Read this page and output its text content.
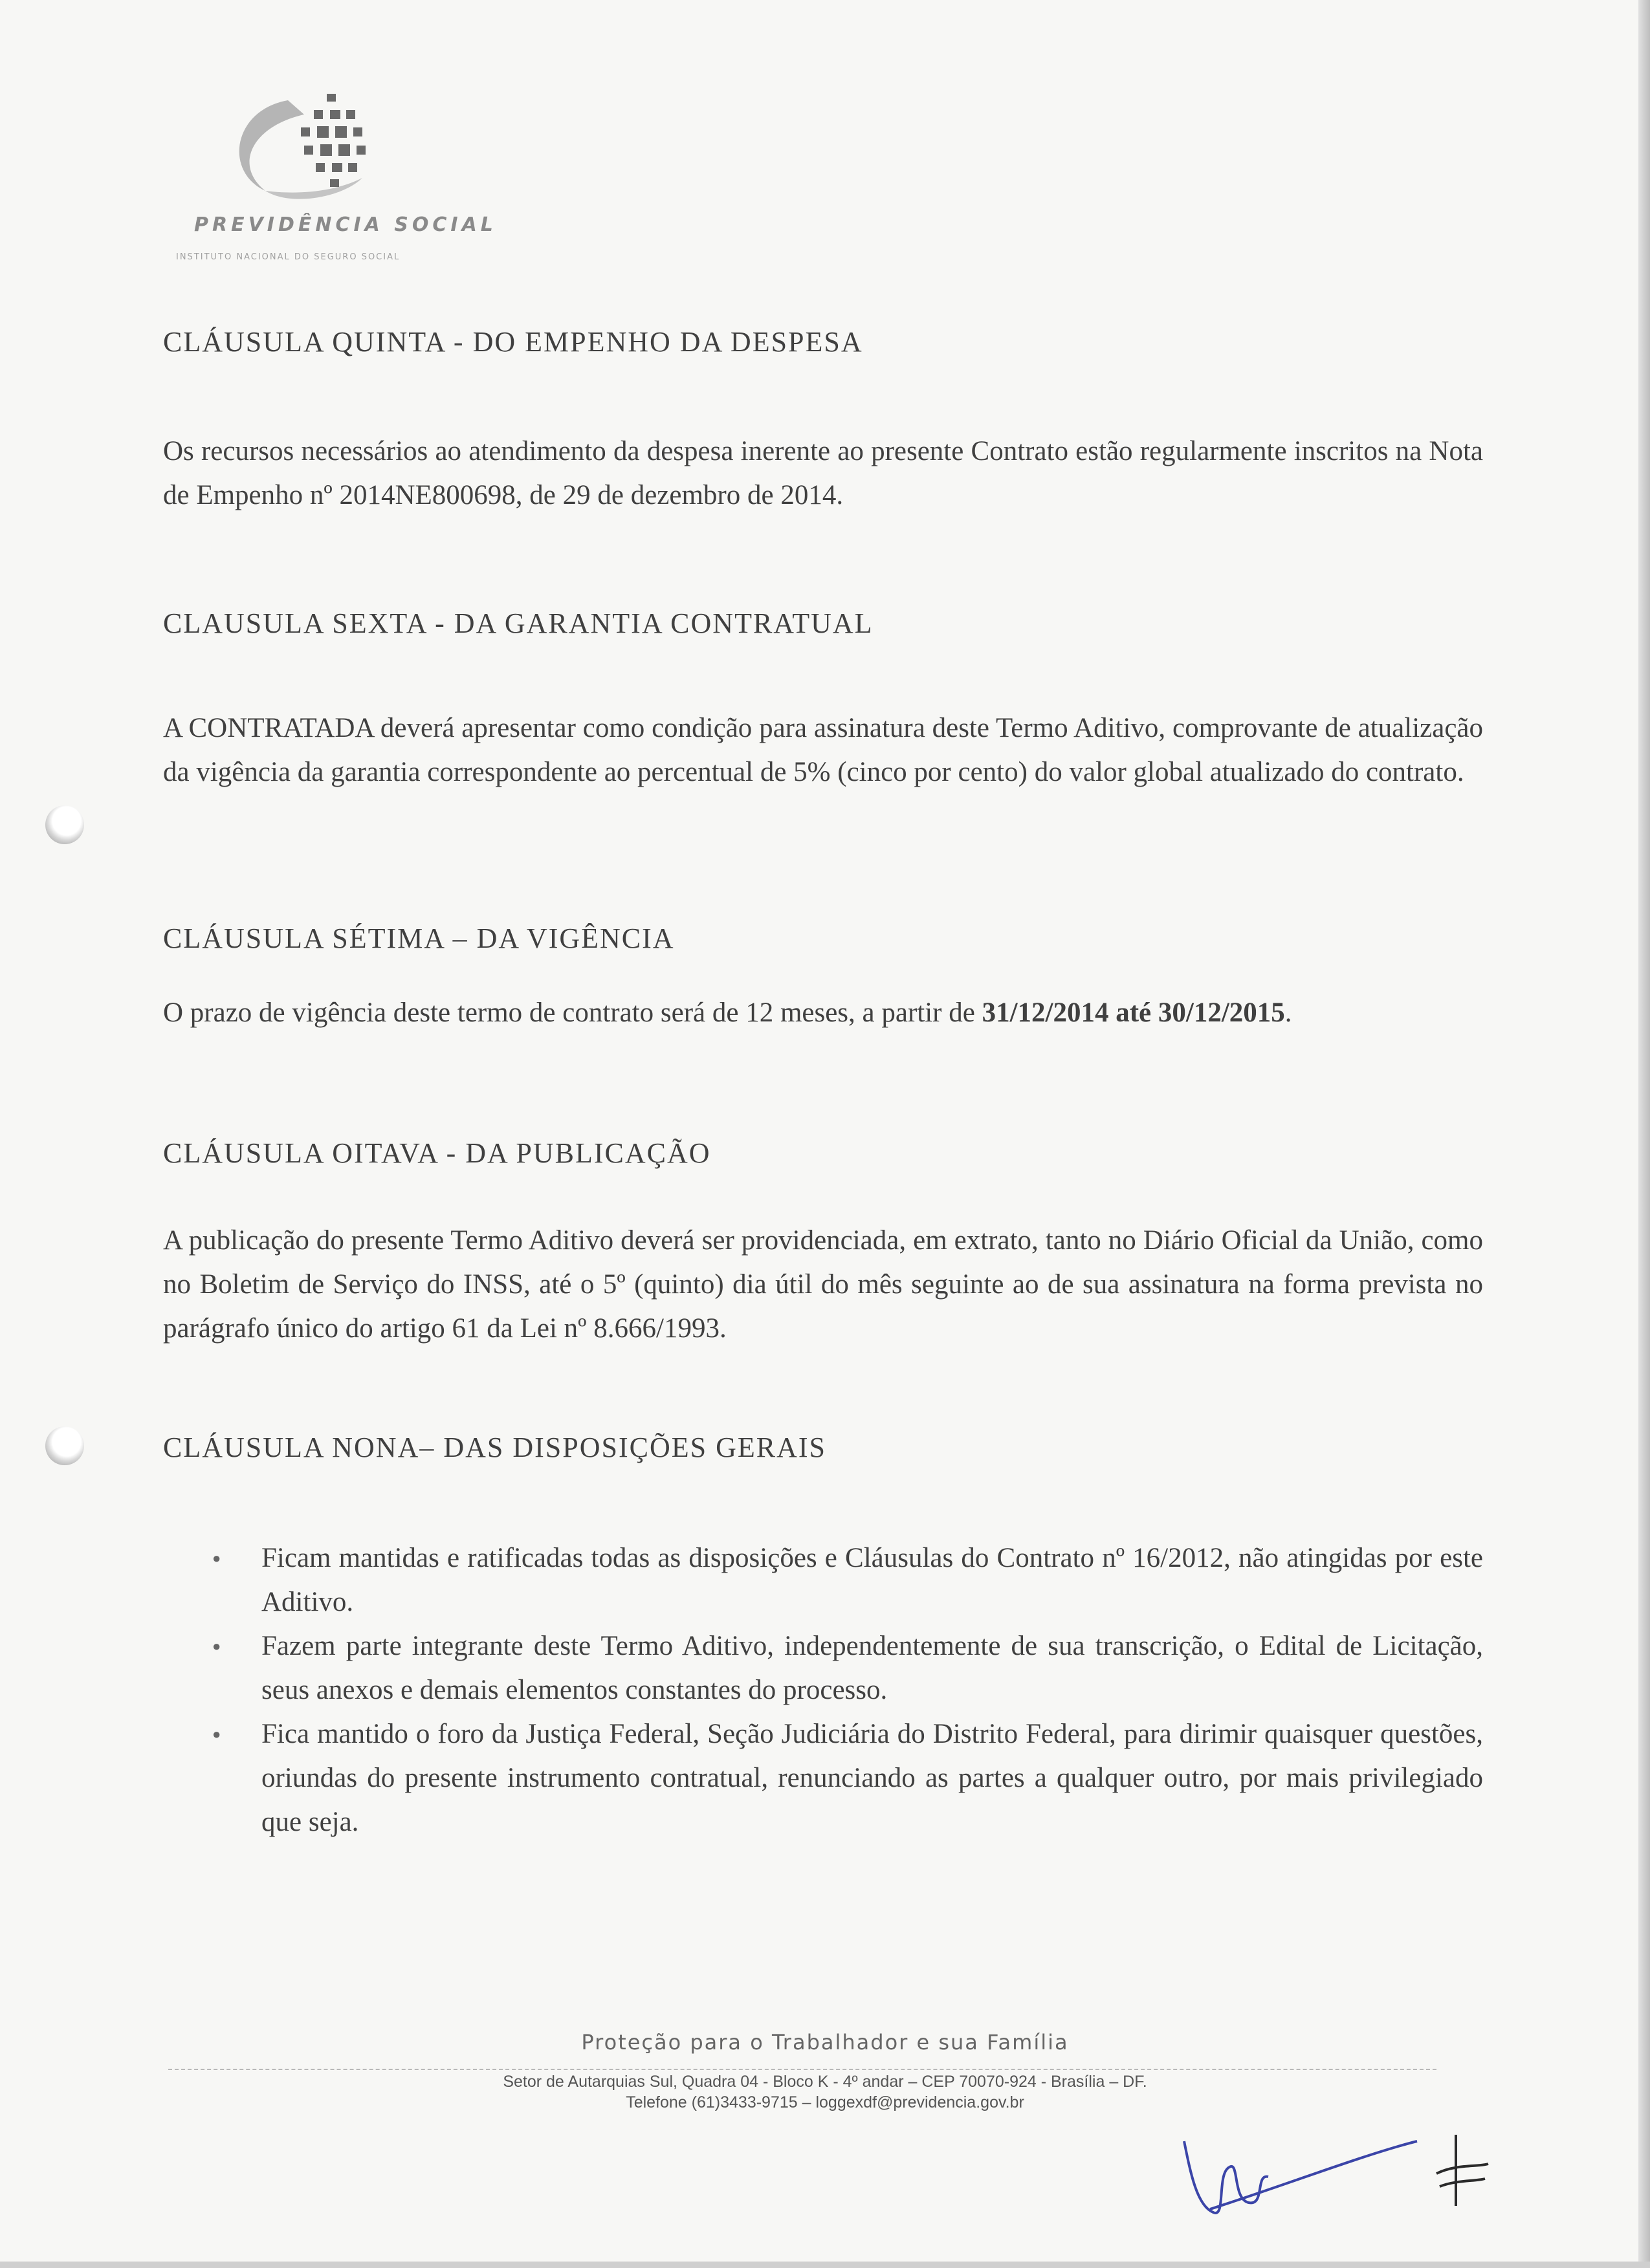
PREVIDÊNCIA SOCIAL
INSTITUTO NACIONAL DO SEGURO SOCIAL
CLÁUSULA QUINTA - DO EMPENHO DA DESPESA

Os recursos necessários ao atendimento da despesa inerente ao presente Contrato estão regularmente inscritos na Nota de Empenho nº 2014NE800698, de 29 de dezembro de 2014.

CLAUSULA SEXTA - DA GARANTIA CONTRATUAL

A CONTRATADA deverá apresentar como condição para assinatura deste Termo Aditivo, comprovante de atualização da vigência da garantia correspondente ao percentual de 5% (cinco por cento) do valor global atualizado do contrato.

CLÁUSULA SÉTIMA – DA VIGÊNCIA

O prazo de vigência deste termo de contrato será de 12 meses, a partir de 31/12/2014 até 30/12/2015.

CLÁUSULA OITAVA - DA PUBLICAÇÃO

A publicação do presente Termo Aditivo deverá ser providenciada, em extrato, tanto no Diário Oficial da União, como no Boletim de Serviço do INSS, até o 5º (quinto) dia útil do mês seguinte ao de sua assinatura na forma prevista no parágrafo único do artigo 61 da Lei nº 8.666/1993.

CLÁUSULA NONA– DAS DISPOSIÇÕES GERAIS
● Ficam mantidas e ratificadas todas as disposições e Cláusulas do Contrato nº 16/2012, não atingidas por este Aditivo.
● Fazem parte integrante deste Termo Aditivo, independentemente de sua transcrição, o Edital de Licitação, seus anexos e demais elementos constantes do processo.
● Fica mantido o foro da Justiça Federal, Seção Judiciária do Distrito Federal, para dirimir quaisquer questões, oriundas do presente instrumento contratual, renunciando as partes a qualquer outro, por mais privilegiado que seja.
Proteção para o Trabalhador e sua Família
Setor de Autarquias Sul, Quadra 04 - Bloco K - 4º andar – CEP 70070-924 - Brasília – DF.
Telefone (61)3433-9715 – loggexdf@previdencia.gov.br
